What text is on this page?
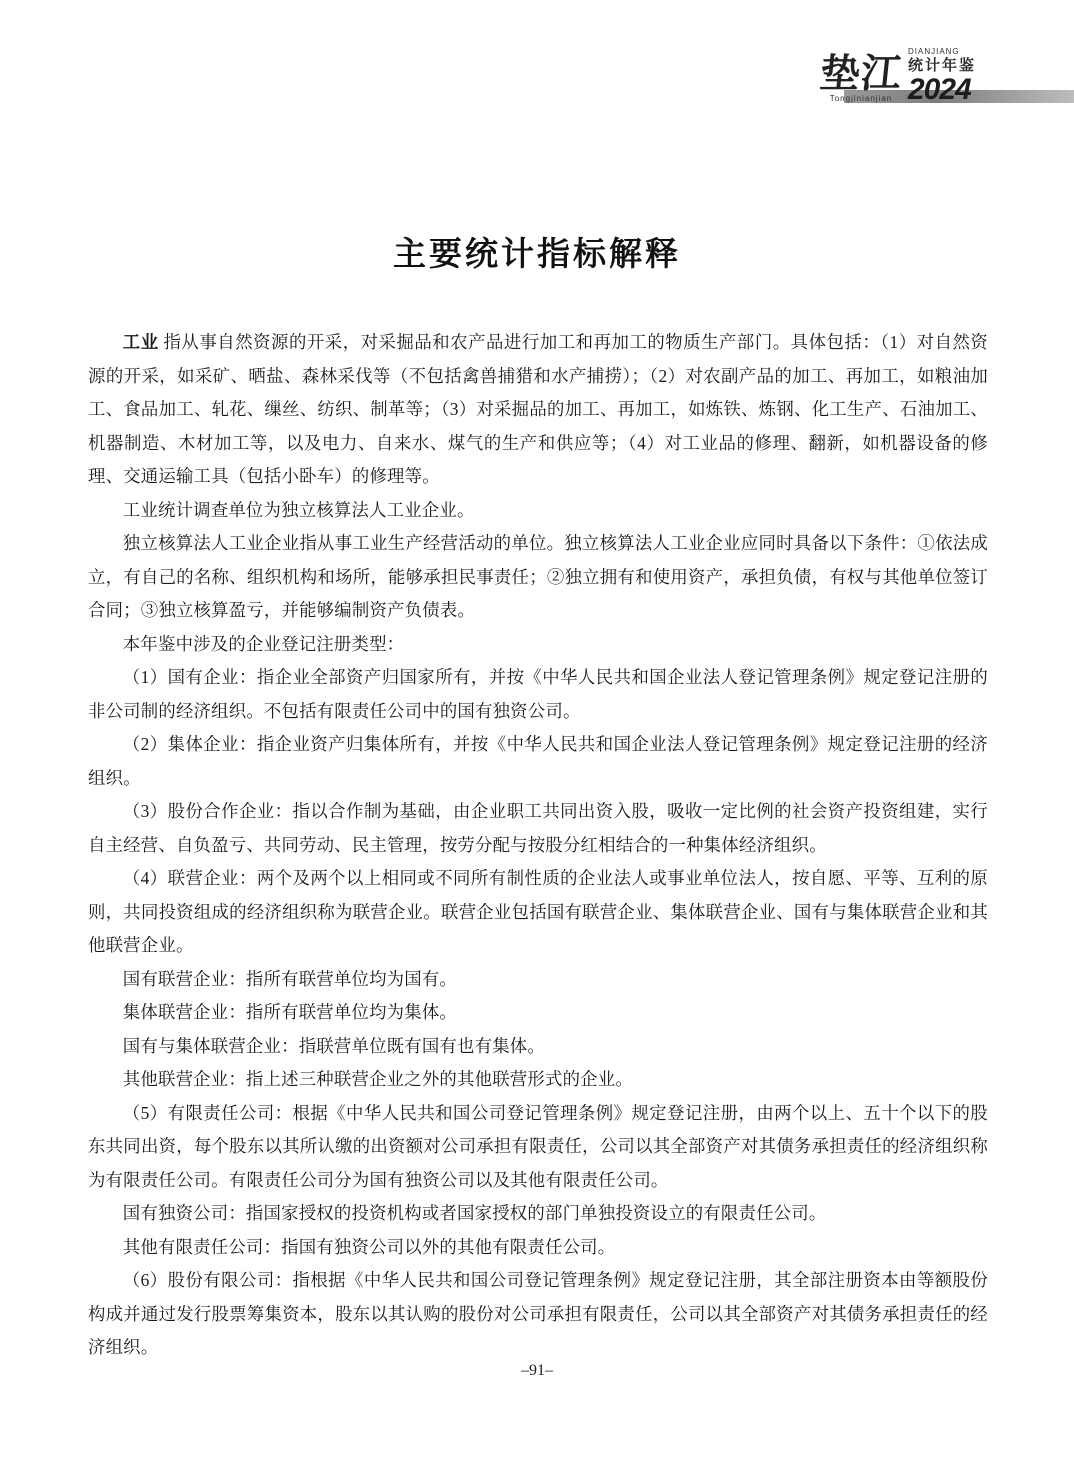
垫江
Tongjinianjian
DIANJIANG
统计年鉴
2024
主要统计指标解释

工业 指从事自然资源的开采，对采掘品和农产品进行加工和再加工的物质生产部门。具体包括：（1）对自然资源的开采，如采矿、晒盐、森林采伐等（不包括禽兽捕猎和水产捕捞）；（2）对农副产品的加工、再加工，如粮油加工、食品加工、轧花、缫丝、纺织、制革等；（3）对采掘品的加工、再加工，如炼铁、炼钢、化工生产、石油加工、机器制造、木材加工等，以及电力、自来水、煤气的生产和供应等；（4）对工业品的修理、翻新，如机器设备的修理、交通运输工具（包括小卧车）的修理等。

工业统计调查单位为独立核算法人工业企业。

独立核算法人工业企业指从事工业生产经营活动的单位。独立核算法人工业企业应同时具备以下条件：①依法成立，有自己的名称、组织机构和场所，能够承担民事责任；②独立拥有和使用资产，承担负债，有权与其他单位签订合同；③独立核算盈亏，并能够编制资产负债表。

本年鉴中涉及的企业登记注册类型：

（1）国有企业：指企业全部资产归国家所有，并按《中华人民共和国企业法人登记管理条例》规定登记注册的非公司制的经济组织。不包括有限责任公司中的国有独资公司。

（2）集体企业：指企业资产归集体所有，并按《中华人民共和国企业法人登记管理条例》规定登记注册的经济组织。

（3）股份合作企业：指以合作制为基础，由企业职工共同出资入股，吸收一定比例的社会资产投资组建，实行自主经营、自负盈亏、共同劳动、民主管理，按劳分配与按股分红相结合的一种集体经济组织。

（4）联营企业：两个及两个以上相同或不同所有制性质的企业法人或事业单位法人，按自愿、平等、互利的原则，共同投资组成的经济组织称为联营企业。联营企业包括国有联营企业、集体联营企业、国有与集体联营企业和其他联营企业。

国有联营企业：指所有联营单位均为国有。

集体联营企业：指所有联营单位均为集体。

国有与集体联营企业：指联营单位既有国有也有集体。

其他联营企业：指上述三种联营企业之外的其他联营形式的企业。

（5）有限责任公司：根据《中华人民共和国公司登记管理条例》规定登记注册，由两个以上、五十个以下的股东共同出资，每个股东以其所认缴的出资额对公司承担有限责任，公司以其全部资产对其债务承担责任的经济组织称为有限责任公司。有限责任公司分为国有独资公司以及其他有限责任公司。

国有独资公司：指国家授权的投资机构或者国家授权的部门单独投资设立的有限责任公司。

其他有限责任公司：指国有独资公司以外的其他有限责任公司。

（6）股份有限公司：指根据《中华人民共和国公司登记管理条例》规定登记注册，其全部注册资本由等额股份构成并通过发行股票筹集资本，股东以其认购的股份对公司承担有限责任，公司以其全部资产对其债务承担责任的经济组织。

–91–
